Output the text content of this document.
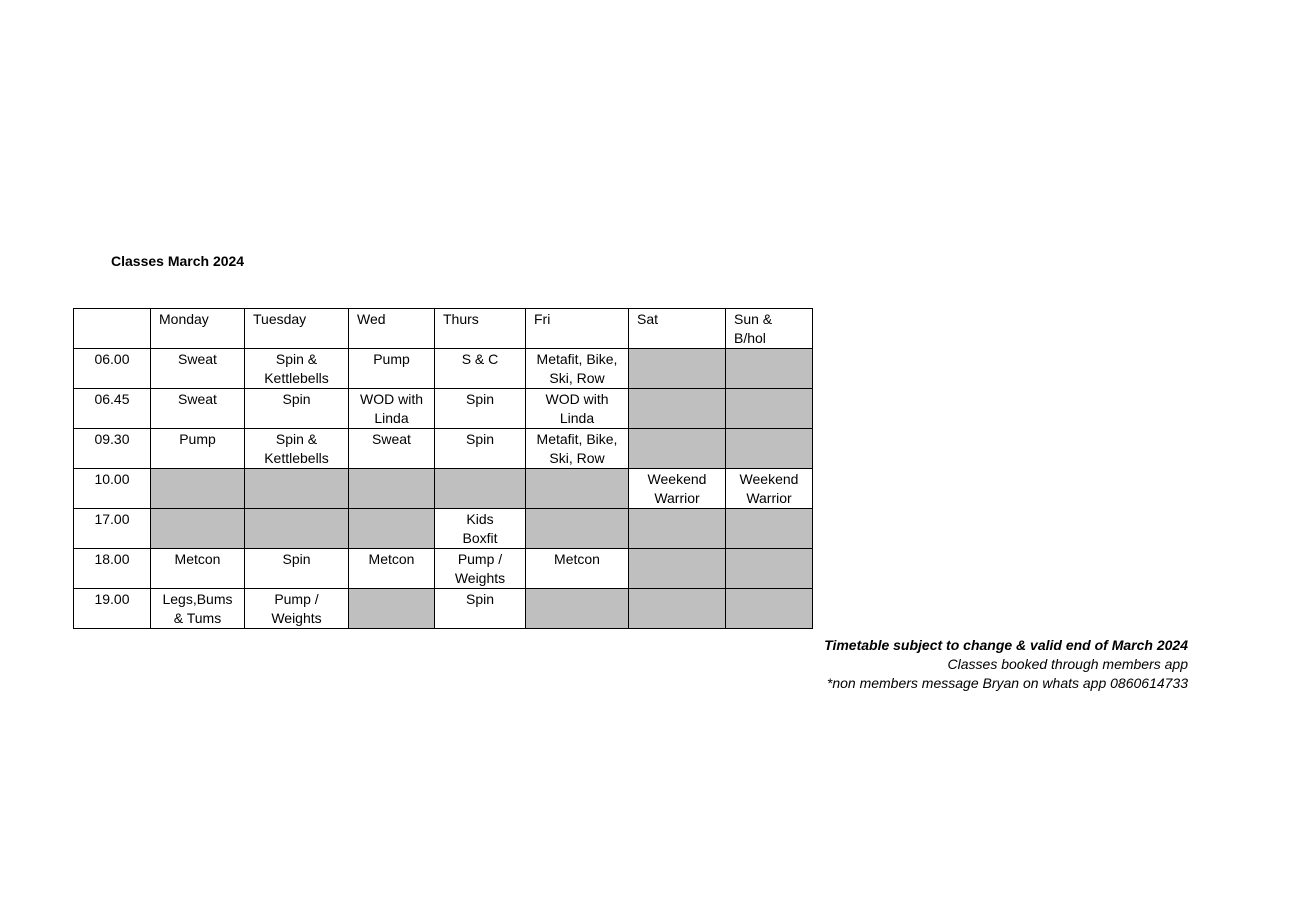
Classes March 2024
	Monday	Tuesday	Wed	Thurs	Fri	Sat	Sun &
B/hol
06.00	Sweat	Spin &
Kettlebells	Pump	S & C	Metafit, Bike,
Ski, Row		
06.45	Sweat	Spin	WOD with
Linda	Spin	WOD with
Linda		
09.30	Pump	Spin &
Kettlebells	Sweat	Spin	Metafit, Bike,
Ski, Row		
10.00						Weekend
Warrior	Weekend
Warrior
17.00				Kids
Boxfit			
18.00	Metcon	Spin	Metcon	Pump /
Weights	Metcon		
19.00	Legs,Bums
& Tums	Pump /
Weights		Spin			
Timetable subject to change & valid end of March 2024
Classes booked through members app
*non members message Bryan on whats app 0860614733
